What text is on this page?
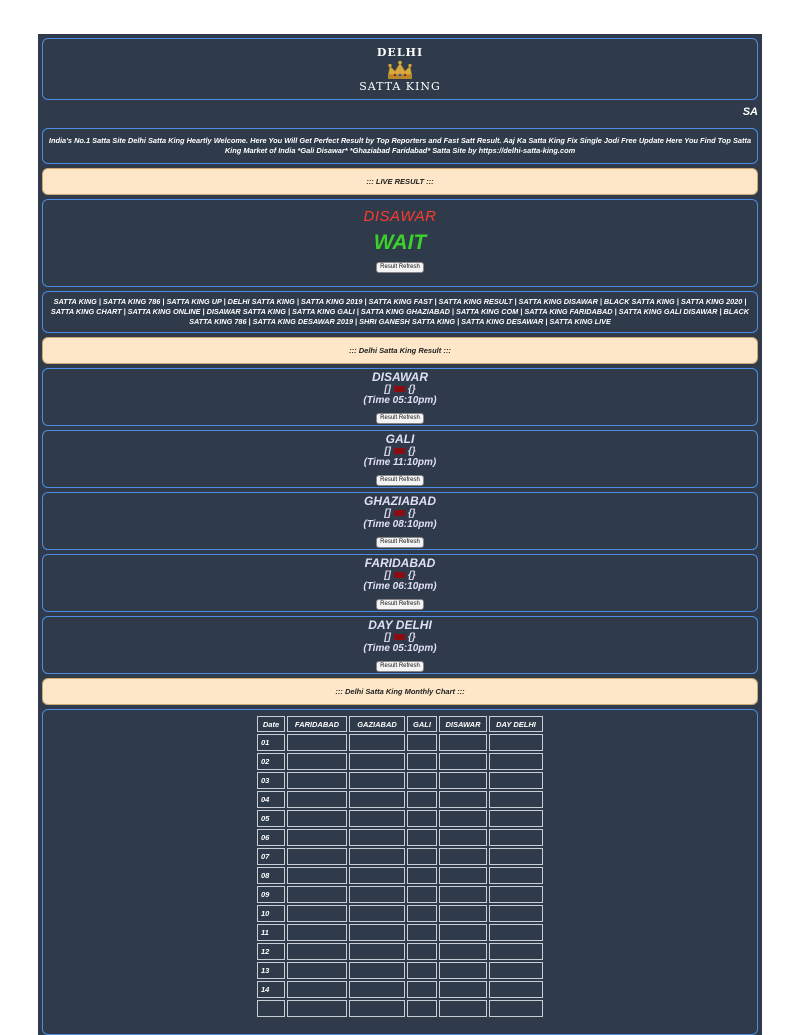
DELHI
SATTA KING
SA
India's No.1 Satta Site Delhi Satta King Heartly Welcome. Here You Will Get Perfect Result by Top Reporters and Fast Satt Result. Aaj Ka Satta King Fix Single Jodi Free Update Here You Find Top Satta King Market of India *Gali Disawar* *Ghaziabad Faridabad* Satta Site by https://delhi-satta-king.com
::: LIVE RESULT :::
DISAWAR
WAIT
Result Refresh
SATTA KING | SATTA KING 786 | SATTA KING UP | DELHI SATTA KING | SATTA KING 2019 | SATTA KING FAST | SATTA KING RESULT | SATTA KING DISAWAR | BLACK SATTA KING | SATTA KING 2020 | SATTA KING CHART | SATTA KING ONLINE | DISAWAR SATTA KING | SATTA KING GALI | SATTA KING GHAZIABAD | SATTA KING COM | SATTA KING FARIDABAD | SATTA KING GALI DISAWAR | BLACK SATTA KING 786 | SATTA KING DESAWAR 2019 | SHRI GANESH SATTA KING | SATTA KING DESAWAR | SATTA KING LIVE
::: Delhi Satta King Result :::
DISAWAR
[] {}
(Time 05:10pm)
Result Refresh
GALI
[] {}
(Time 11:10pm)
Result Refresh
GHAZIABAD
[] {}
(Time 08:10pm)
Result Refresh
FARIDABAD
[] {}
(Time 06:10pm)
Result Refresh
DAY DELHI
[] {}
(Time 05:10pm)
Result Refresh
::: Delhi Satta King Monthly Chart :::
Date	FARIDABAD	GAZIABAD	GALI	DISAWAR	DAY DELHI
01					
02					
03					
04					
05					
06					
07					
08					
09					
10					
11					
12					
13					
14					
